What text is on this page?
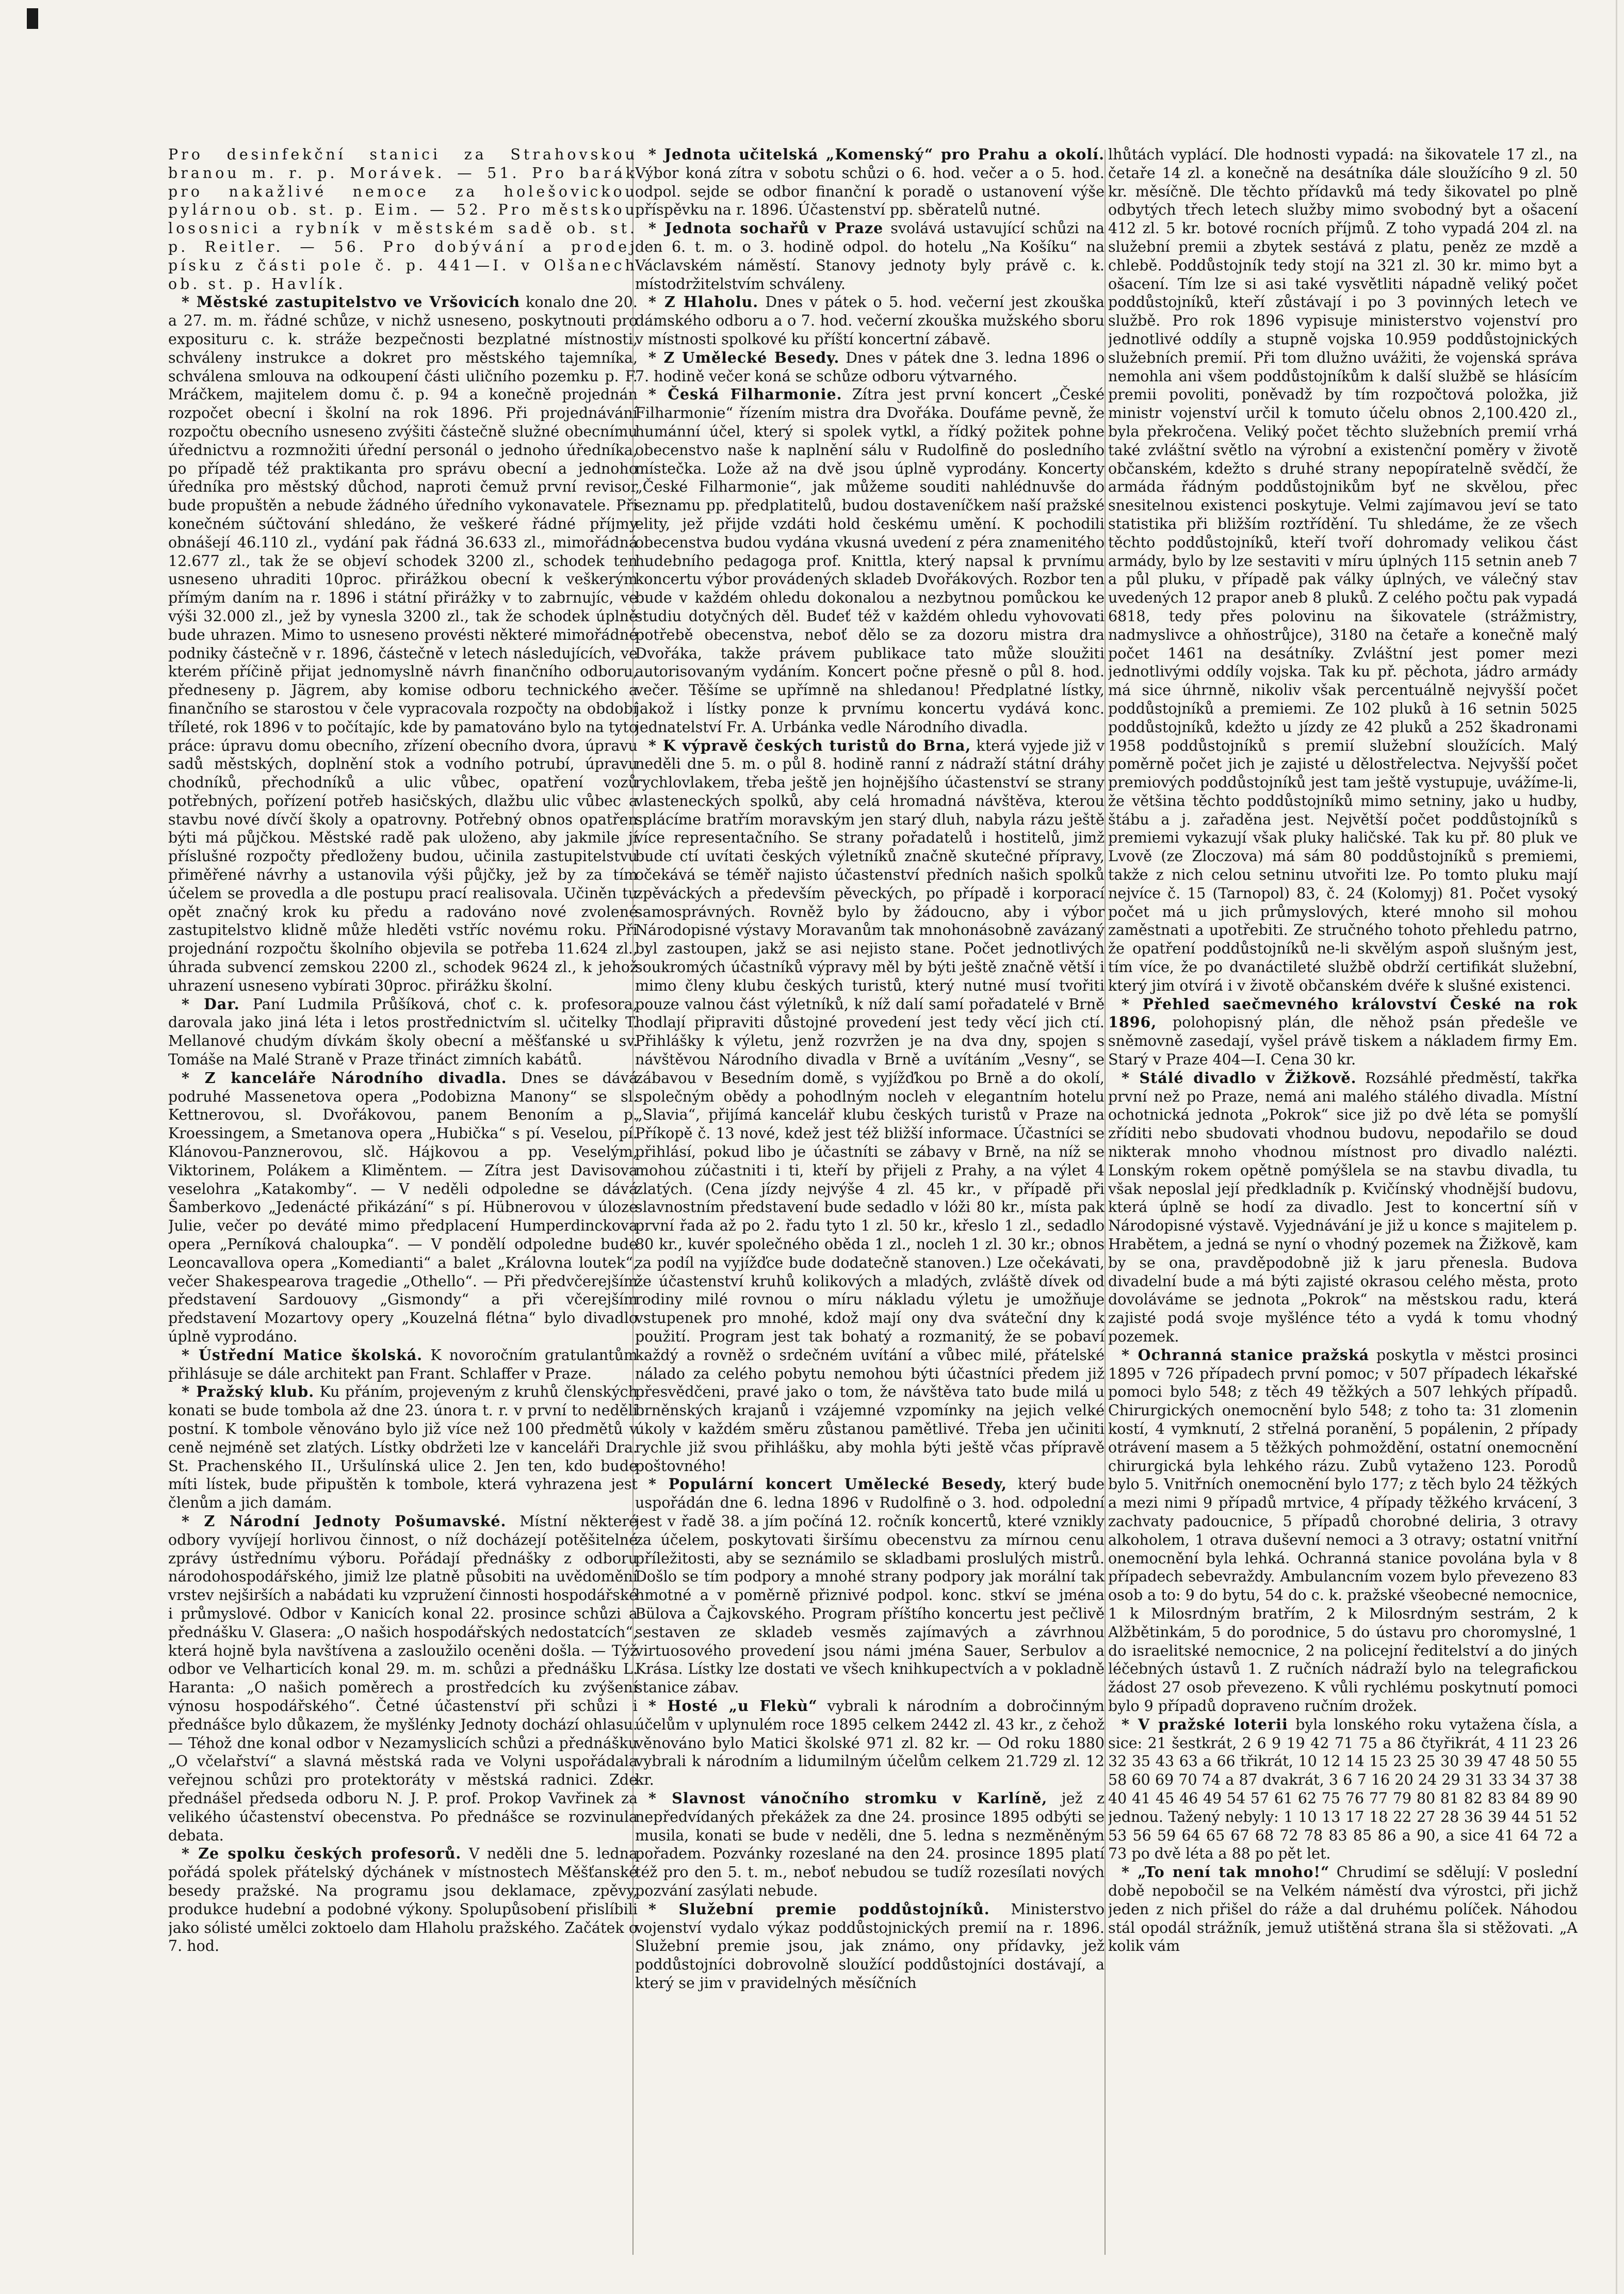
Pro desinfekční stanici za Strahovskou branou m. r. p. Morávek. — 51. Pro barák pro nakažlivé nemoce za holešovickou pylárnou ob. st. p. Eim. — 52. Pro městskou lososnici a rybník v městském sadě ob. st. p. Reitler. — 56. Pro dobývání a prodej písku z části pole č. p. 441—I. v Olšanech ob. st. p. Havlík.

* Městské zastupitelstvo ve Vršovicích konalo dne 20. a 27. m. m. řádné schůze, v nichž usneseno, poskytnouti pro exposituru c. k. stráže bezpečnosti bezplatné místnosti, schváleny instrukce a dokret pro městského tajemníka, schválena smlouva na odkoupení části uličního pozemku p. F. Mráčkem, majitelem domu č. p. 94 a konečně projednán rozpočet obecní i školní na rok 1896. Při projednávání rozpočtu obecního usneseno zvýšiti částečně služné obecnímu úřednictvu a rozmnožiti úřední personál o jednoho úředníka, po případě též praktikanta pro správu obecní a jednoho úředníka pro městský důchod, naproti čemuž první revisor bude propuštěn a nebude žádného úředního vykonavatele. Při konečném súčtování shledáno, že veškeré řádné příjmy obnášejí 46.110 zl., vydání pak řádná 36.633 zl., mimořádná 12.677 zl., tak že se objeví schodek 3200 zl., schodek ten usneseno uhraditi 10proc. přirážkou obecní k veškerým přímým daním na r. 1896 i státní přirážky v to zabrnujíc, ve výši 32.000 zl., jež by vynesla 3200 zl., tak že schodek úplně bude uhrazen. Mimo to usneseno provésti některé mimořádné podniky částečně v r. 1896, částečně v letech následujících, ve kterém příčině přijat jednomyslně návrh finančního odboru, předneseny p. Jägrem, aby komise odboru technického a finančního se starostou v čele vypracovala rozpočty na období tříleté, rok 1896 v to počítajíc, kde by pamatováno bylo na tyto práce: úpravu domu obecního, zřízení obecního dvora, úpravu sadů městských, doplnění stok a vodního potrubí, úpravu chodníků, přechodníků a ulic vůbec, opatření vozů potřebných, pořízení potřeb hasičských, dlažbu ulic vůbec a stavbu nové dívčí školy a opatrovny. Potřebný obnos opatřen býti má půjčkou. Městské radě pak uloženo, aby jakmile jí příslušné rozpočty předloženy budou, učinila zastupitelstvu přiměřené návrhy a ustanovila výši půjčky, jež by za tím účelem se provedla a dle postupu prací realisovala. Učiněn tu opět značný krok ku předu a radováno nové zvolené zastupitelstvo klidně může hleděti vstříc novému roku. Při projednání rozpočtu školního objevila se potřeba 11.624 zl., úhrada subvencí zemskou 2200 zl., schodek 9624 zl., k jehož uhrazení usneseno vybírati 30proc. přirážku školní.

* Dar. Paní Ludmila Průšíková, choť c. k. profesora, darovala jako jiná léta i letos prostřednictvím sl. učitelky T. Mellanové chudým dívkám školy obecní a měšťanské u sv. Tomáše na Malé Straně v Praze třináct zimních kabátů.

* Z kanceláře Národního divadla. Dnes se dává podruhé Massenetova opera „Podobizna Manony“ se sl. Kettnerovou, sl. Dvořákovou, panem Benoním a p. Kroessingem, a Smetanova opera „Hubička“ s pí. Veselou, pí. Klánovou-Panznerovou, slč. Hájkovou a pp. Veselým, Viktorinem, Polákem a Kliměntem. — Zítra jest Davisova veselohra „Katakomby“. — V neděli odpoledne se dává Šamberkovo „Jedenácté přikázání“ s pí. Hübnerovou v úloze Julie, večer po deváté mimo předplacení Humperdinckova opera „Perníková chaloupka“. — V pondělí odpoledne bude Leoncavallova opera „Komedianti“ a balet „Královna loutek“, večer Shakespearova tragedie „Othello“. — Při předvčerejším představení Sardouovy „Gismondy“ a při včerejším představení Mozartovy opery „Kouzelná flétna“ bylo divadlo úplně vyprodáno.

* Ústřední Matice školská. K novoročním gratulantům přihlásuje se dále architekt pan Frant. Schlaffer v Praze.

* Pražský klub. Ku přáním, projeveným z kruhů členských konati se bude tombola až dne 23. února t. r. v první to neděli postní. K tombole věnováno bylo již více než 100 předmětů v ceně nejméně set zlatých. Lístky obdržeti lze v kanceláři Dra. St. Prachenského II., Uršulínská ulice 2. Jen ten, kdo bude míti lístek, bude připuštěn k tombole, která vyhrazena jest členům a jich damám.

* Z Národní Jednoty Pošumavské. Místní některé odbory vyvíjejí horlivou činnost, o níž docházejí potěšitelné zprávy ústřednímu výboru. Pořádají přednášky z odboru národohospodářského, jimiž lze platně působiti na uvědomění vrstev nejširších a nabádati ku vzpružení činnosti hospodářské i průmyslové. Odbor v Kanicích konal 22. prosince schůzi a přednášku V. Glasera: „O našich hospodářských nedostatcích“, která hojně byla navštívena a zasloužilo oceněni došla. — Týž odbor ve Velharticích konal 29. m. m. schůzi a přednášku L. Haranta: „O našich poměrech a prostředcích ku zvýšení výnosu hospodářského“. Četné účastenství při schůzi i přednášce bylo důkazem, že myšlénky Jednoty dochází ohlasu. — Téhož dne konal odbor v Nezamyslicích schůzi a přednášku „O včelařství“ a slavná městská rada ve Volyni uspořádala veřejnou schůzi pro protektoráty v městská radnici. Zde přednášel předseda odboru N. J. P. prof. Prokop Vavřinek za velikého účastenství obecenstva. Po přednášce se rozvinula debata.

* Ze spolku českých profesorů. V neděli dne 5. ledna pořádá spolek přátelský dýchánek v místnostech Měšťanské besedy pražské. Na programu jsou deklamace, zpěvy, produkce hudební a podobné výkony. Spolupůsobení přislíbili jako sólisté umělci zoktoelo dam Hlaholu pražského. Začátek o 7. hod.

* Jednota učitelská „Komenský“ pro Prahu a okolí. Výbor koná zítra v sobotu schůzi o 6. hod. večer a o 5. hod. odpol. sejde se odbor finanční k poradě o ustanovení výše příspěvku na r. 1896. Účastenství pp. sběratelů nutné.

* Jednota sochařů v Praze svolává ustavující schůzi na den 6. t. m. o 3. hodině odpol. do hotelu „Na Košíku“ na Václavském náměstí. Stanovy jednoty byly právě c. k. místodržitelstvím schváleny.

* Z Hlaholu. Dnes v pátek o 5. hod. večerní jest zkouška dámského odboru a o 7. hod. večerní zkouška mužského sboru v místnosti spolkové ku příští koncertní zábavě.

* Z Umělecké Besedy. Dnes v pátek dne 3. ledna 1896 o 7. hodině večer koná se schůze odboru výtvarného.

* Česká Filharmonie. Zítra jest první koncert „České Filharmonie“ řízením mistra dra Dvořáka. Doufáme pevně, že humánní účel, který si spolek vytkl, a řídký požitek pohne obecenstvo naše k naplnění sálu v Rudolfině do posledního místečka. Lože až na dvě jsou úplně vyprodány. Koncerty „České Filharmonie“, jak můžeme souditi nahlédnuvše do seznamu pp. předplatitelů, budou dostaveníčkem naší pražské elity, jež přijde vzdáti hold českému umění. K pochodili obecenstva budou vydána vkusná uvedení z péra znamenitého hudebního pedagoga prof. Knittla, který napsal k prvnímu koncertu výbor provádených skladeb Dvořákových. Rozbor ten bude v každém ohledu dokonalou a nezbytnou pomůckou ke studiu dotyčných děl. Budeť též v každém ohledu vyhovovati potřebě obecenstva, neboť dělo se za dozoru mistra dra Dvořáka, takže právem publikace tato může sloužiti autorisovaným vydáním. Koncert počne přesně o půl 8. hod. večer. Těšíme se upřímně na shledanou! Předplatné lístky, jakož i lístky ponze k prvnímu koncertu vydává konc. jednatelství Fr. A. Urbánka vedle Národního divadla.

* K výpravě českých turistů do Brna, která vyjede již v neděli dne 5. m. o půl 8. hodině ranní z nádraží státní dráhy rychlovlakem, třeba ještě jen hojnějšího účastenství se strany vlasteneckých spolků, aby celá hromadná návštěva, kterou splácíme bratřím moravským jen starý dluh, nabyla rázu ještě více representačního. Se strany pořadatelů i hostitelů, jimž bude ctí uvítati českých výletníků značně skutečné přípravy, očekává se téměř najisto účastenství předních našich spolků zpěváckých a především pěveckých, po případě i korporací samosprávných. Rovněž bylo by žádoucno, aby i výbor Národopisné výstavy Moravanům tak mnohonásobně zavázaný byl zastoupen, jakž se asi nejisto stane. Počet jednotlivých soukromých účastníků výpravy měl by býti ještě značně větší i mimo členy klubu českých turistů, který nutné musí tvořiti pouze valnou část výletníků, k níž dalí samí pořadatelé v Brně hodlají připraviti důstojné provedení jest tedy věcí jich ctí. Přihlášky k výletu, jenž rozvržen je na dva dny, spojen s návštěvou Národního divadla v Brně a uvítáním „Vesny“, se zábavou v Besedním domě, s vyjížďkou po Brně a do okolí, společným obědy a pohodlným nocleh v elegantním hotelu „Slavia“, přijímá kancelář klubu českých turistů v Praze na Příkopě č. 13 nové, kdež jest též bližší informace. Účastníci se přihlásí, pokud libo je účastníti se zábavy v Brně, na níž se mohou zúčastniti i ti, kteří by přijeli z Prahy, a na výlet 4 zlatých. (Cena jízdy nejvýše 4 zl. 45 kr., v případě při slavnostním představení bude sedadlo v lóži 80 kr., místa pak první řada až po 2. řadu tyto 1 zl. 50 kr., křeslo 1 zl., sedadlo 80 kr., kuvér společného oběda 1 zl., nocleh 1 zl. 30 kr.; obnos za podíl na vyjížďce bude dodatečně stanoven.) Lze očekávati, že účastenství kruhů kolikových a mladých, zvláště dívek od rodiny milé rovnou o míru nákladu výletu je umožňuje vstupenek pro mnohé, kdož mají ony dva sváteční dny k použití. Program jest tak bohatý a rozmanitý, že se pobaví každý a rovněž o srdečném uvítání a vůbec milé, přátelské nálado za celého pobytu nemohou býti účastníci předem již přesvědčeni, pravé jako o tom, že návštěva tato bude milá u brněnských krajanů i vzájemné vzpomínky na jejich velké úkoly v každém směru zůstanou pamětlivé. Třeba jen učiniti rychle již svou přihlášku, aby mohla býti ještě včas přípravě poštovného!

* Populární koncert Umělecké Besedy, který bude uspořádán dne 6. ledna 1896 v Rudolfině o 3. hod. odpolední jest v řadě 38. a jím počíná 12. ročník koncertů, které vznikly za účelem, poskytovati širšímu obecenstvu za mírnou cenu příležitosti, aby se seznámilo se skladbami proslulých mistrů. Došlo se tím podpory a mnohé strany podpory jak morální tak hmotné a v poměrně přiznivé podpol. konc. stkví se jména Bülova a Čajkovského. Program příštího koncertu jest pečlivě sestaven ze skladeb vesměs zajímavých a závrhnou virtuosového provedení jsou námi jména Sauer, Serbulov a Krása. Lístky lze dostati ve všech knihkupectvích a v pokladně stanice zábav.

* Hosté „u Flekù“ vybrali k národním a dobročinným účelům v uplynulém roce 1895 celkem 2442 zl. 43 kr., z čehož věnováno bylo Matici školské 971 zl. 82 kr. — Od roku 1880 vybrali k národním a lidumilným účelům celkem 21.729 zl. 12 kr.

* Slavnost vánočního stromku v Karlíně, jež z nepředvídaných překážek za dne 24. prosince 1895 odbýti se musila, konati se bude v neděli, dne 5. ledna s nezměněným pořadem. Pozvánky rozeslané na den 24. prosince 1895 platí též pro den 5. t. m., neboť nebudou se tudíž rozesílati nových pozvání zasýlati nebude.

* Služební premie poddůstojníků. Ministerstvo vojenství vydalo výkaz poddůstojnických premií na r. 1896. Služební premie jsou, jak známo, ony přídavky, jež poddůstojníci dobrovolně sloužící poddůstojníci dostávají, a který se jim v pravidelných měsíčních

lhůtách vyplácí. Dle hodnosti vypadá: na šikovatele 17 zl., na četaře 14 zl. a konečně na desátníka dále sloužícího 9 zl. 50 kr. měsíčně. Dle těchto přídavků má tedy šikovatel po plně odbytých třech letech služby mimo svobodný byt a ošacení 412 zl. 5 kr. botové rocních příjmů. Z toho vypadá 204 zl. na služební premii a zbytek sestává z platu, peněz ze mzdě a chlebě. Poddůstojník tedy stojí na 321 zl. 30 kr. mimo byt a ošacení. Tím lze si asi také vysvětliti nápadně veliký počet poddůstojníků, kteří zůstávají i po 3 povinných letech ve službě. Pro rok 1896 vypisuje ministerstvo vojenství pro jednotlivé oddíly a stupně vojska 10.959 poddůstojnických služebních premií. Při tom dlužno uvážiti, že vojenská správa nemohla ani všem poddůstojníkům k další službě se hlásícím premii povoliti, poněvadž by tím rozpočtová položka, již ministr vojenství určil k tomuto účelu obnos 2,100.420 zl., byla překročena. Veliký počet těchto služebních premií vrhá také zvláštní světlo na výrobní a existenční poměry v životě občanském, kdežto s druhé strany nepopíratelně svědčí, že armáda řádným poddůstojnikům byť ne skvělou, přec snesitelnou existenci poskytuje. Velmi zajímavou jeví se tato statistika při bližším roztřídění. Tu shledáme, že ze všech těchto poddůstojníků, kteří tvoří dohromady velikou část armády, bylo by lze sestaviti v míru úplných 115 setnin aneb 7 a půl pluku, v případě pak války úplných, ve válečný stav uvedených 12 prapor aneb 8 pluků. Z celého počtu pak vypadá 6818, tedy přes polovinu na šikovatele (strážmistry, nadmyslivce a ohňostrůjce), 3180 na četaře a konečně malý počet 1461 na desátníky. Zvláštní jest pomer mezi jednotlivými oddíly vojska. Tak ku př. pěchota, jádro armády má sice úhrnně, nikoliv však percentuálně nejvyšší počet poddůstojníků a premiemi. Ze 102 pluků à 16 setnin 5025 poddůstojníků, kdežto u jízdy ze 42 pluků a 252 škadronami 1958 poddůstojníků s premií služební sloužících. Malý poměrně počet jich je zajisté u dělostřelectva. Nejvyšší počet premiových poddůstojníků jest tam ještě vystupuje, uvážíme-li, že většina těchto poddůstojníků mimo setniny, jako u hudby, štábu a j. zařaděna jest. Největší počet poddůstojníků s premiemi vykazují však pluky haličské. Tak ku př. 80 pluk ve Lvově (ze Zloczova) má sám 80 poddůstojníků s premiemi, takže z nich celou setninu utvořiti lze. Po tomto pluku mají nejvíce č. 15 (Tarnopol) 83, č. 24 (Kolomyj) 81. Počet vysoký počet má u jich průmyslových, které mnoho sil mohou zaměstnati a upotřebiti. Ze stručného tohoto přehledu patrno, že opatření poddůstojníků ne-li skvělým aspoň slušným jest, tím více, že po dvanáctileté službě obdrží certifikát služební, který jim otvírá i v životě občanském dvéře k slušné existenci.

* Přehled saečmevného království České na rok 1896, polohopisný plán, dle něhož psán předešle ve sněmovně zasedají, vyšel právě tiskem a nákladem firmy Em. Starý v Praze 404—I. Cena 30 kr.

* Stálé divadlo v Žižkově. Rozsáhlé předměstí, takřka první než po Praze, nemá ani malého stálého divadla. Místní ochotnická jednota „Pokrok“ sice již po dvě léta se pomyšlí zříditi nebo sbudovati vhodnou budovu, nepodařilo se doud nikterak mnoho vhodnou místnost pro divadlo nalézti. Lonským rokem opětně pomýšlela se na stavbu divadla, tu však neposlal její předkladník p. Kvičínský vhodnější budovu, která úplně se hodí za divadlo. Jest to koncertní síň v Národopisné výstavě. Vyjednávání je již u konce s majitelem p. Hrabětem, a jedná se nyní o vhodný pozemek na Žižkově, kam by se ona, pravděpodobně již k jaru přenesla. Budova divadelní bude a má býti zajisté okrasou celého města, proto dovoláváme se jednota „Pokrok“ na městskou radu, která zajisté podá svoje myšlénce této a vydá k tomu vhodný pozemek.

* Ochranná stanice pražská poskytla v městci prosinci 1895 v 726 případech první pomoc; v 507 případech lékařské pomoci bylo 548; z těch 49 těžkých a 507 lehkých případů. Chirurgických onemocnění bylo 548; z toho ta: 31 zlomenin kostí, 4 vymknutí, 2 střelná poranění, 5 popálenin, 2 případy otrávení masem a 5 těžkých pohmoždění, ostatní onemocnění chirurgická byla lehkého rázu. Zubů vytaženo 123. Porodů bylo 5. Vnitřních onemocnění bylo 177; z těch bylo 24 těžkých a mezi nimi 9 případů mrtvice, 4 případy těžkého krvácení, 3 zachvaty padoucnice, 5 případů chorobné deliria, 3 otravy alkoholem, 1 otrava duševní nemoci a 3 otravy; ostatní vnitřní onemocnění byla lehká. Ochranná stanice povolána byla v 8 případech sebevraždy. Ambulancním vozem bylo převezeno 83 osob a to: 9 do bytu, 54 do c. k. pražské všeobecné nemocnice, 1 k Milosrdným bratřím, 2 k Milosrdným sestrám, 2 k Alžbětinkám, 5 do porodnice, 5 do ústavu pro choromyslné, 1 do israelitské nemocnice, 2 na policejní ředitelství a do jiných léčebných ústavů 1. Z ručních nádraží bylo na telegrafickou žádost 27 osob převezeno. K vůli rychlému poskytnutí pomoci bylo 9 případů dopraveno ručním drožek.

* V pražské loterii byla lonského roku vytažena čísla, a sice: 21 šestkrát, 2 6 9 19 42 71 75 a 86 čtyřikrát, 4 11 23 26 32 35 43 63 a 66 třikrát, 10 12 14 15 23 25 30 39 47 48 50 55 58 60 69 70 74 a 87 dvakrát, 3 6 7 16 20 24 29 31 33 34 37 38 40 41 45 46 49 54 57 61 62 75 76 77 79 80 81 82 83 84 89 90 jednou. Tažený nebyly: 1 10 13 17 18 22 27 28 36 39 44 51 52 53 56 59 64 65 67 68 72 78 83 85 86 a 90, a sice 41 64 72 a 73 po dvě léta a 88 po pět let.

* „To není tak mnoho!“ Chrudimí se sdělují: V poslední době nepobočil se na Velkém náměstí dva výrostci, při jichž jeden z nich přišel do ráže a dal druhému políček. Náhodou stál opodál strážník, jemuž utištěná strana šla si stěžovati. „A kolik vám
